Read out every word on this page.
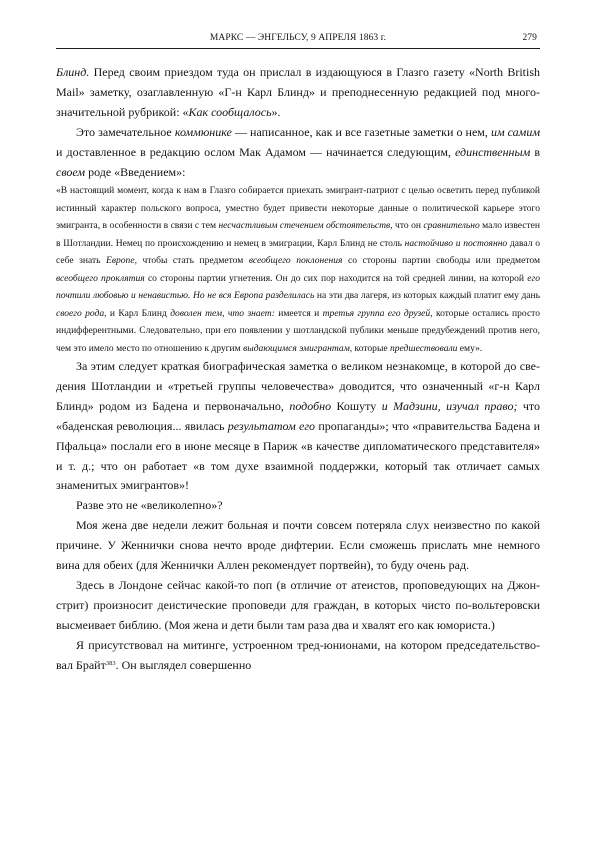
МАРКС — ЭНГЕЛЬСУ, 9 АПРЕЛЯ 1863 г.	279

Блинд. Перед своим приездом туда он прислал в издающуюся в Глазго газету «North British Mail» заметку, озаглавленную «Г-н Карл Блинд» и преподнесенную редакцией под многозначительной рубрикой: «Как сообщалось».

Это замечательное коммюнике — написанное, как и все газетные заметки о нем, им самим и доставленное в редакцию ослом Мак Адамом — начинается следующим, единственным в своем роде «Введением»:

«В настоящий момент, когда к нам в Глазго собирается приехать эмигрант-патриот с целью осветить перед публикой истинный характер польского вопроса, уместно будет привести некоторые данные о политической карьере этого эмигранта, в особенности в связи с тем несчастливым стечением обстоятельств, что он сравнительно мало известен в Шотландии. Немец по происхождению и немец в эмиграции, Карл Блинд не столь настойчиво и постоянно давал о себе знать Европе, чтобы стать предметом всеобщего поклонения со стороны партии свободы или предметом всеобщего проклятия со стороны партии угнетения. Он до сих пор находится на той средней линии, на которой его почтили любовью и ненавистью. Но не вся Европа разделилась на эти два лагеря, из которых каждый платит ему дань своего рода, и Карл Блинд доволен тем, что знает: имеется и третья группа его друзей, которые остались просто индифферентными. Следовательно, при его появлении у шотландской публики меньше предубеждений против него, чем это имело место по отношению к другим выдающимся эмигрантам, которые предшествовали ему».

За этим следует краткая биографическая заметка о великом незнакомце, в которой до сведения Шотландии и «третьей группы человечества» доводится, что означенный «г-н Карл Блинд» родом из Бадена и первоначально, подобно Кошуту и Мадзини, изучал право; что «баденская революция... явилась результатом его пропаганды»; что «правительства Бадена и Пфальца» послали его в июне месяце в Париж «в качестве дипломатического представителя» и т. д.; что он работает «в том духе взаимной поддержки, который так отличает самых знаменитых эмигрантов»!

Разве это не «великолепно»?

Моя жена две недели лежит больная и почти совсем потеряла слух неизвестно по какой причине. У Женнички снова нечто вроде дифтерии. Если сможешь прислать мне немного вина для обеих (для Женнички Аллен рекомендует портвейн), то буду очень рад.

Здесь в Лондоне сейчас какой-то поп (в отличие от атеистов, проповедующих на Джонстрит) произносит деистические проповеди для граждан, в которых чисто по-вольтеровски высмеивает библию. (Моя жена и дети были там раза два и хвалят его как юмориста.)

Я присутствовал на митинге, устроенном тред-юнионами, на котором председательствовал Брайт$^{383}$. Он выглядел совершенно
